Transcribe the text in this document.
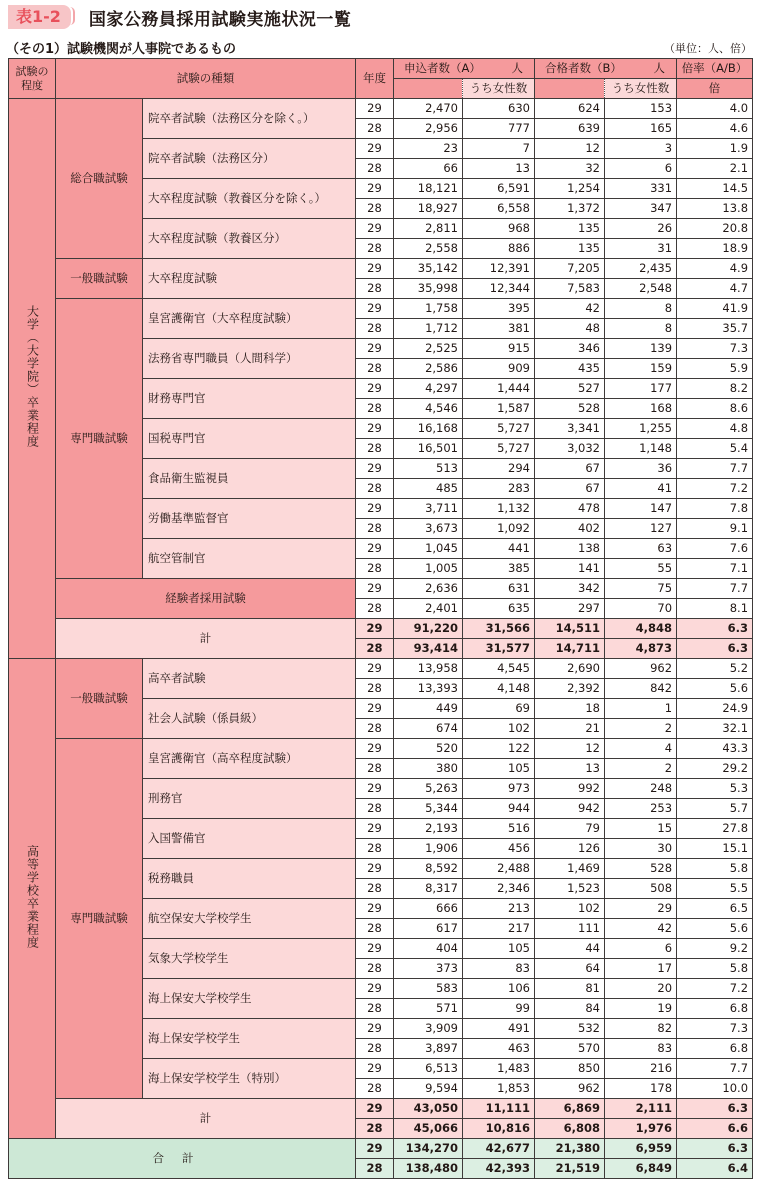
表1-2	国家公務員採用試験実施状況一覧
（その1）試験機関が人事院であるもの	（単位：人、倍）
試験の程度	試験の種類		年度	申込者数（A） 人		合格者数（B） 人		倍率（A/B）
					うち女性数		うち女性数	倍
大学（大学院）卒業程度	総合職試験	院卒者試験（法務区分を除く。）	29	2,470	630	624	153	4.0
			28	2,956	777	639	165	4.6
		院卒者試験（法務区分）	29	23	7	12	3	1.9
			28	66	13	32	6	2.1
		大卒程度試験（教養区分を除く。）	29	18,121	6,591	1,254	331	14.5
			28	18,927	6,558	1,372	347	13.8
		大卒程度試験（教養区分）	29	2,811	968	135	26	20.8
			28	2,558	886	135	31	18.9
	一般職試験	大卒程度試験	29	35,142	12,391	7,205	2,435	4.9
			28	35,998	12,344	7,583	2,548	4.7
	専門職試験	皇宮護衛官（大卒程度試験）	29	1,758	395	42	8	41.9
			28	1,712	381	48	8	35.7
		法務省専門職員（人間科学）	29	2,525	915	346	139	7.3
			28	2,586	909	435	159	5.9
		財務専門官	29	4,297	1,444	527	177	8.2
			28	4,546	1,587	528	168	8.6
		国税専門官	29	16,168	5,727	3,341	1,255	4.8
			28	16,501	5,727	3,032	1,148	5.4
		食品衛生監視員	29	513	294	67	36	7.7
			28	485	283	67	41	7.2
		労働基準監督官	29	3,711	1,132	478	147	7.8
			28	3,673	1,092	402	127	9.1
		航空管制官	29	1,045	441	138	63	7.6
			28	1,005	385	141	55	7.1
	経験者採用試験		29	2,636	631	342	75	7.7
			28	2,401	635	297	70	8.1
	計		29	91,220	31,566	14,511	4,848	6.3
			28	93,414	31,577	14,711	4,873	6.3
高等学校卒業程度	一般職試験	高卒者試験	29	13,958	4,545	2,690	962	5.2
			28	13,393	4,148	2,392	842	5.6
		社会人試験（係員級）	29	449	69	18	1	24.9
			28	674	102	21	2	32.1
	専門職試験	皇宮護衛官（高卒程度試験）	29	520	122	12	4	43.3
			28	380	105	13	2	29.2
		刑務官	29	5,263	973	992	248	5.3
			28	5,344	944	942	253	5.7
		入国警備官	29	2,193	516	79	15	27.8
			28	1,906	456	126	30	15.1
		税務職員	29	8,592	2,488	1,469	528	5.8
			28	8,317	2,346	1,523	508	5.5
		航空保安大学校学生	29	666	213	102	29	6.5
			28	617	217	111	42	5.6
		気象大学校学生	29	404	105	44	6	9.2
			28	373	83	64	17	5.8
		海上保安大学校学生	29	583	106	81	20	7.2
			28	571	99	84	19	6.8
		海上保安学校学生	29	3,909	491	532	82	7.3
			28	3,897	463	570	83	6.8
		海上保安学校学生（特別）	29	6,513	1,483	850	216	7.7
			28	9,594	1,853	962	178	10.0
	計		29	43,050	11,111	6,869	2,111	6.3
			28	45,066	10,816	6,808	1,976	6.6
合計			29	134,270	42,677	21,380	6,959	6.3
			28	138,480	42,393	21,519	6,849	6.4
